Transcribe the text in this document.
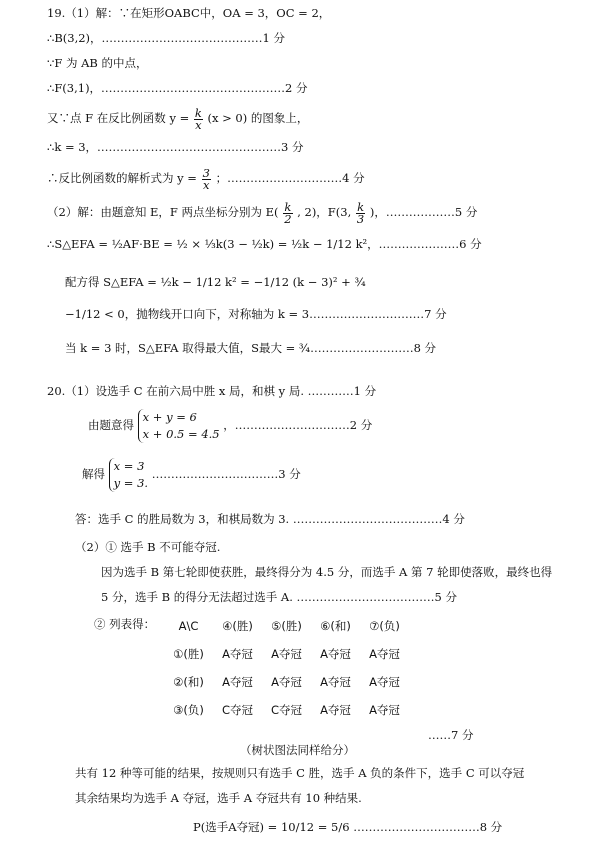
19.（1）解：∵在矩形OABC中，OA = 3，OC = 2，
∴B(3,2)，……………………………………1 分
∵F 为 AB 的中点，
∴F(3,1)，…………………………………………2 分
又∵点 F 在反比例函数 $y = \frac{k}{x} (x > 0)$ 的图象上，
∴k = 3，…………………………………………3 分
∴反比例函数的解析式为 $y = \frac{3}{x}$ ；…………………………4 分
（2）解：由题意知 E，F 两点坐标分别为 $E( \frac{k}{2}$ , 2)，F(3, $\frac{k}{3}$ )，………………5 分
∴S△EFA = ½AF·BE = ½ × ⅓k(3 − ½k) = ½k − 1/12 k²，…………………6 分
配方得 S△EFA = ½k − 1/12 k² = −1/12 (k − 3)² + ¾
−1/12 < 0，抛物线开口向下，对称轴为 k = 3…………………………7 分
当 k = 3 时，S△EFA 取得最大值，S最大 = ¾………………………8 分
20.（1）设选手 C 在前六局中胜 x 局，和棋 y 局. …………1 分
由题意得
x + y = 6
x + 0.5 = 4.5
，…………………………2 分
解得
x = 3
y = 3.
……………………………3 分
答：选手 C 的胜局数为 3，和棋局数为 3. …………………………………4 分
（2）① 选手 B 不可能夺冠.
因为选手 B 第七轮即使获胜，最终得分为 4.5 分，而选手 A 第 7 轮即使落败，最终也得
5 分，选手 B 的得分无法超过选手 A. ………………………………5 分
② 列表得： A\C	④(胜)	⑤(胜)	⑥(和)	⑦(负)
①(胜)	A夺冠	A夺冠	A夺冠	A夺冠
②(和)	A夺冠	A夺冠	A夺冠	A夺冠
③(负)	C夺冠	C夺冠	A夺冠	A夺冠
……7 分
（树状图法同样给分）
共有 12 种等可能的结果，按规则只有选手 C 胜，选手 A 负的条件下，选手 C 可以夺冠
其余结果均为选手 A 夺冠，选手 A 夺冠共有 10 种结果.
P(选手A夺冠) = 10/12 = 5/6 ……………………………8 分
